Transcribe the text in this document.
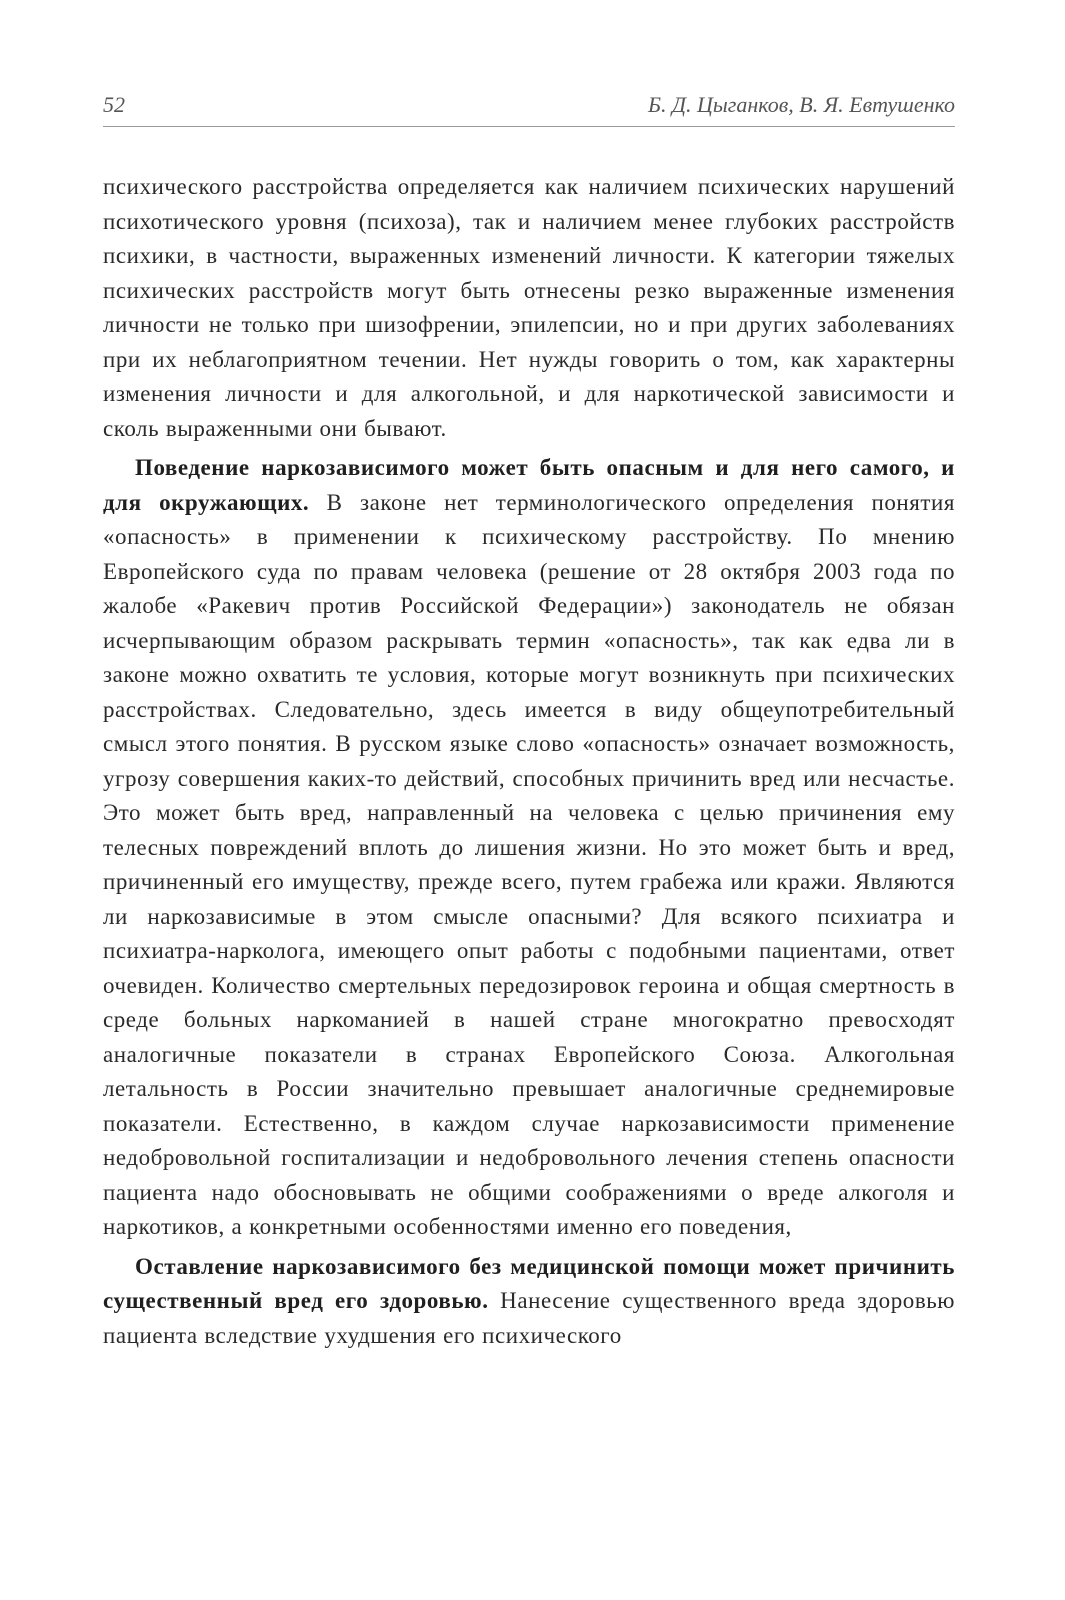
52	Б. Д. Цыганков, В. Я. Евтушенко

психического расстройства определяется как наличием психических нарушений психотического уровня (психоза), так и наличием менее глубоких расстройств психики, в частности, выраженных изменений личности. К категории тяжелых психических расстройств могут быть отнесены резко выраженные изменения личности не только при шизофрении, эпилепсии, но и при других заболеваниях при их неблагоприятном течении. Нет нужды говорить о том, как характерны изменения личности и для алкогольной, и для наркотической зависимости и сколь выраженными они бывают.

Поведение наркозависимого может быть опасным и для него самого, и для окружающих. В законе нет терминологического определения понятия «опасность» в применении к психическому расстройству. По мнению Европейского суда по правам человека (решение от 28 октября 2003 года по жалобе «Ракевич против Российской Федерации») законодатель не обязан исчерпывающим образом раскрывать термин «опасность», так как едва ли в законе можно охватить те условия, которые могут возникнуть при психических расстройствах. Следовательно, здесь имеется в виду общеупотребительный смысл этого понятия. В русском языке слово «опасность» означает возможность, угрозу совершения каких-то действий, способных причинить вред или несчастье. Это может быть вред, направленный на человека с целью причинения ему телесных повреждений вплоть до лишения жизни. Но это может быть и вред, причиненный его имуществу, прежде всего, путем грабежа или кражи. Являются ли наркозависимые в этом смысле опасными? Для всякого психиатра и психиатра-нарколога, имеющего опыт работы с подобными пациентами, ответ очевиден. Количество смертельных передозировок героина и общая смертность в среде больных наркоманией в нашей стране многократно превосходят аналогичные показатели в странах Европейского Союза. Алкогольная летальность в России значительно превышает аналогичные среднемировые показатели. Естественно, в каждом случае наркозависимости применение недобровольной госпитализации и недобровольного лечения степень опасности пациента надо обосновывать не общими соображениями о вреде алкоголя и наркотиков, а конкретными особенностями именно его поведения,

Оставление наркозависимого без медицинской помощи может причинить существенный вред его здоровью. Нанесение существенного вреда здоровью пациента вследствие ухудшения его психического
